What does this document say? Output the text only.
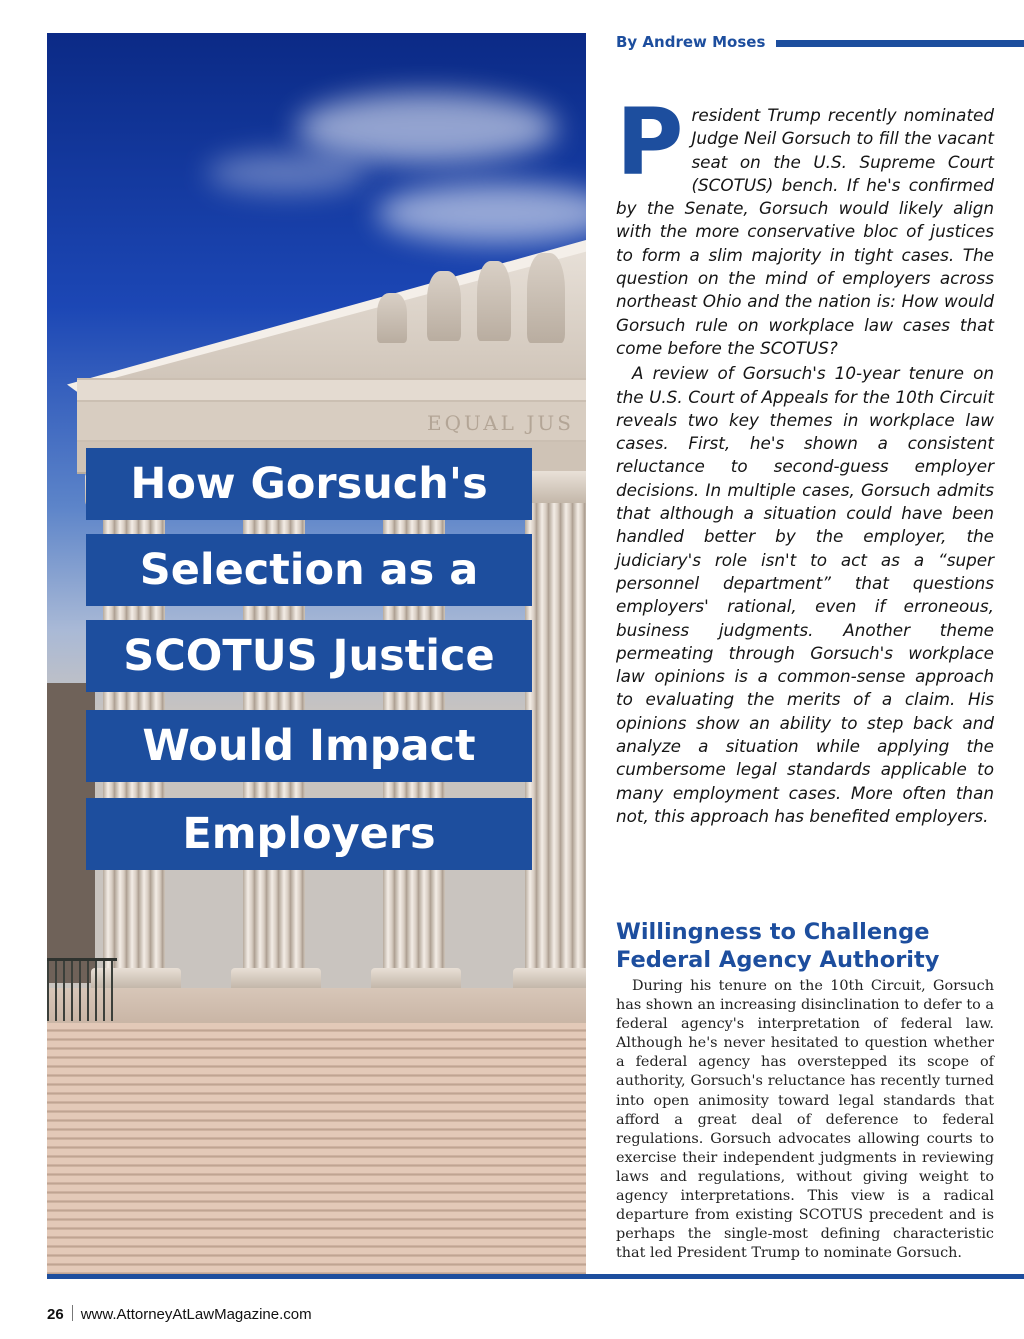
EQUAL JUS
How Gorsuch's
Selection as a
SCOTUS Justice
Would Impact
Employers
By Andrew Moses

President Trump recently nominated Judge Neil Gorsuch to fill the vacant seat on the U.S. Supreme Court (SCOTUS) bench. If he's confirmed by the Senate, Gorsuch would likely align with the more conservative bloc of justices to form a slim majority in tight cases. The question on the mind of employers across northeast Ohio and the nation is: How would Gorsuch rule on workplace law cases that come before the SCOTUS?

A review of Gorsuch's 10-year tenure on the U.S. Court of Appeals for the 10th Circuit reveals two key themes in workplace law cases. First, he's shown a consistent reluctance to second-guess employer decisions. In multiple cases, Gorsuch admits that although a situation could have been handled better by the employer, the judiciary's role isn't to act as a “super personnel department” that questions employers' rational, even if erroneous, business judgments. Another theme permeating through Gorsuch's workplace law opinions is a common-sense approach to evaluating the merits of a claim. His opinions show an ability to step back and analyze a situation while applying the cumbersome legal standards applicable to many employment cases. More often than not, this approach has benefited employers.

Willingness to Challenge Federal Agency Authority

During his tenure on the 10th Circuit, Gorsuch has shown an increasing disinclination to defer to a federal agency's interpretation of federal law. Although he's never hesitated to question whether a federal agency has overstepped its scope of authority, Gorsuch's reluctance has recently turned into open animosity toward legal standards that afford a great deal of deference to federal regulations. Gorsuch advocates allowing courts to exercise their independent judgments in reviewing laws and regulations, without giving weight to agency interpretations. This view is a radical departure from existing SCOTUS precedent and is perhaps the single-most defining characteristic that led President Trump to nominate Gorsuch.

26 www.AttorneyAtLawMagazine.com
